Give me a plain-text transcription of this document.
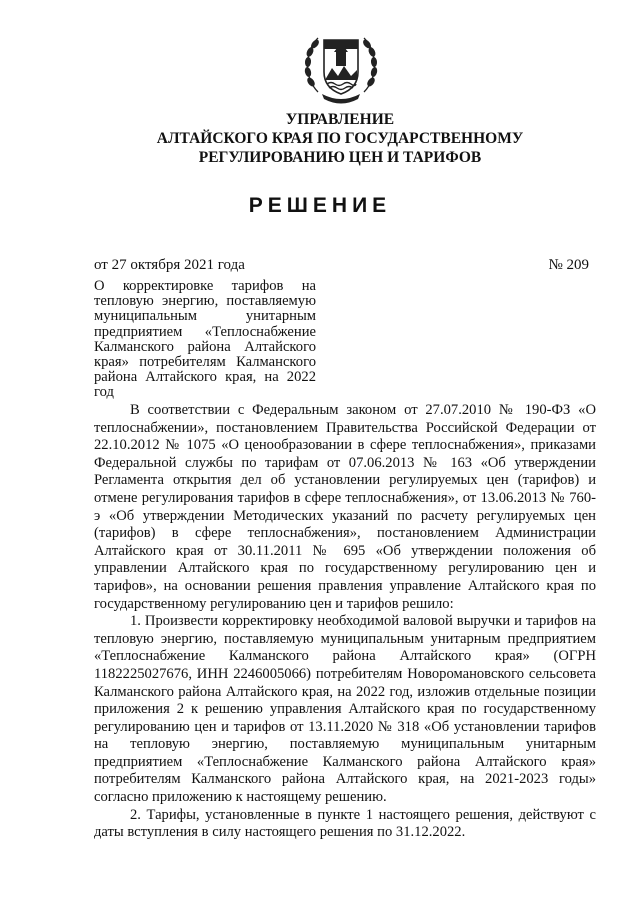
УПРАВЛЕНИЕ
АЛТАЙСКОГО КРАЯ ПО ГОСУДАРСТВЕННОМУ
РЕГУЛИРОВАНИЮ ЦЕН И ТАРИФОВ
РЕШЕНИЕ
от 27 октября 2021 года	№ 209
О корректировке тарифов на тепловую энергию, поставляемую муниципальным унитарным предприятием «Теплоснабжение Калманского района Алтайского края» потребителям Калманского района Алтайского края, на 2022 год

В соответствии с Федеральным законом от 27.07.2010 № 190-ФЗ «О теплоснабжении», постановлением Правительства Российской Федерации от 22.10.2012 № 1075 «О ценообразовании в сфере теплоснабжения», приказами Федеральной службы по тарифам от 07.06.2013 № 163 «Об утверждении Регламента открытия дел об установлении регулируемых цен (тарифов) и отмене регулирования тарифов в сфере теплоснабжения», от 13.06.2013 № 760-э «Об утверждении Методических указаний по расчету регулируемых цен (тарифов) в сфере теплоснабжения», постановлением Администрации Алтайского края от 30.11.2011 № 695 «Об утверждении положения об управлении Алтайского края по государственному регулированию цен и тарифов», на основании решения правления управление Алтайского края по государственному регулированию цен и тарифов решило:

1. Произвести корректировку необходимой валовой выручки и тарифов на тепловую энергию, поставляемую муниципальным унитарным предприятием «Теплоснабжение Калманского района Алтайского края» (ОГРН 1182225027676, ИНН 2246005066) потребителям Новоромановского сельсовета Калманского района Алтайского края, на 2022 год, изложив отдельные позиции приложения 2 к решению управления Алтайского края по государственному регулированию цен и тарифов от 13.11.2020 № 318 «Об установлении тарифов на тепловую энергию, поставляемую муниципальным унитарным предприятием «Теплоснабжение Калманского района Алтайского края» потребителям Калманского района Алтайского края, на 2021-2023 годы» согласно приложению к настоящему решению.

2. Тарифы, установленные в пункте 1 настоящего решения, действуют с даты вступления в силу настоящего решения по 31.12.2022.
